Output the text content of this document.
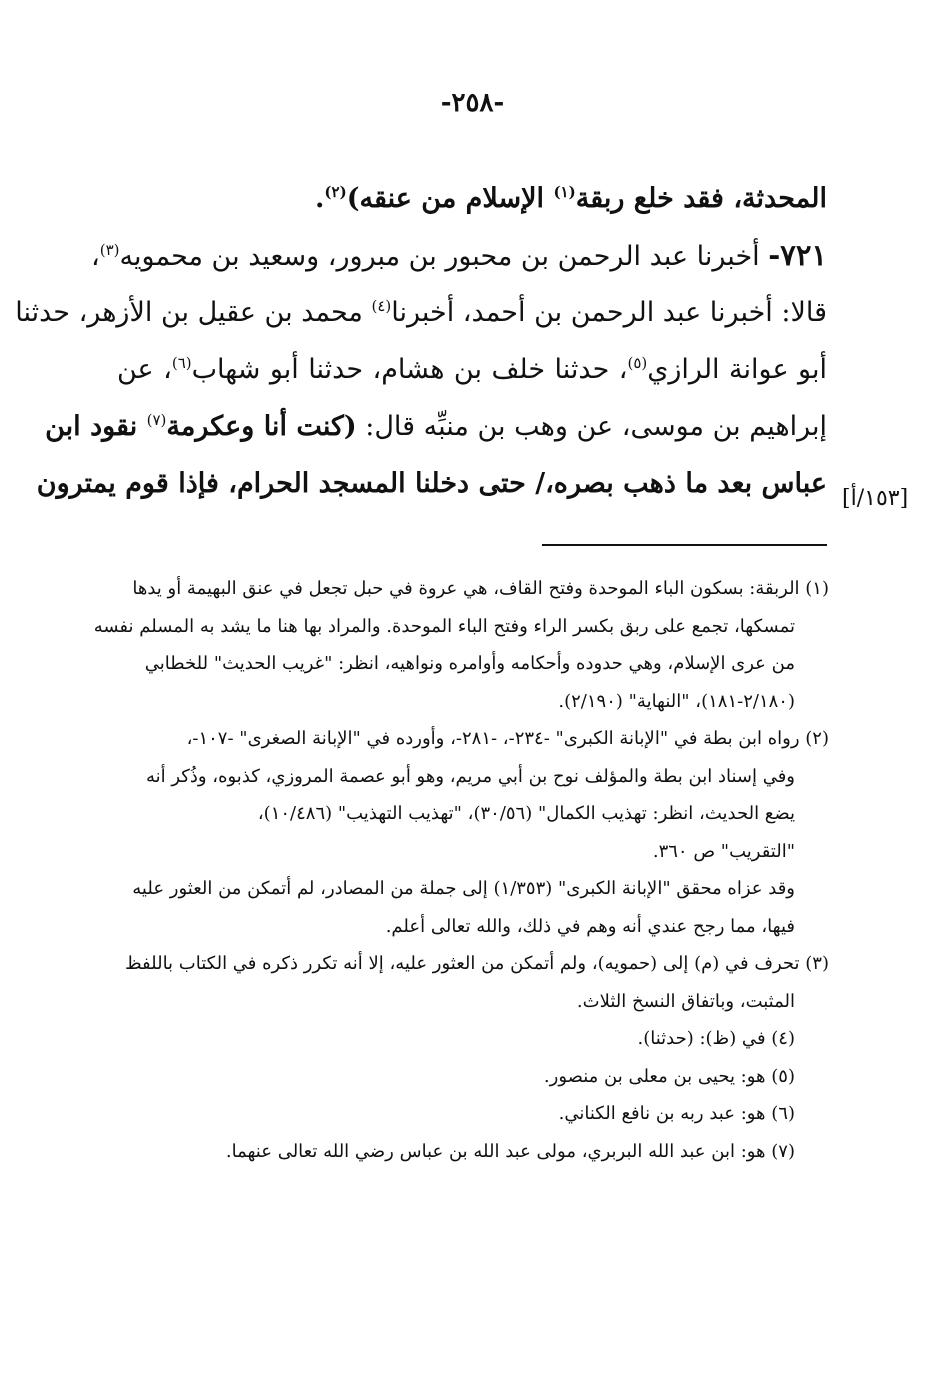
-٢٥٨-
المحدثة، فقد خلع ربقة$^{(١)}$ الإسلام من عنقه)$^{(٢)}$.
٧٢١- أخبرنا عبد الرحمن بن محبور بن مبرور، وسعيد بن محمويه$^{(٣)}$،
قالا: أخبرنا عبد الرحمن بن أحمد، أخبرنا$^{(٤)}$ محمد بن عقيل بن الأزهر، حدثنا
أبو عوانة الرازي$^{(٥)}$، حدثنا خلف بن هشام، حدثنا أبو شهاب$^{(٦)}$، عن
إبراهيم بن موسى، عن وهب بن منبِّه قال: (كنت أنا وعكرمة$^{(٧)}$ نقود ابن
عباس بعد ما ذهب بصره،/ حتى دخلنا المسجد الحرام، فإذا قوم يمترون [١٥٣/أ]
(١) الربقة: بسكون الباء الموحدة وفتح القاف، هي عروة في حبل تجعل في عنق البهيمة أو يدها
تمسكها، تجمع على ربق بكسر الراء وفتح الباء الموحدة. والمراد بها هنا ما يشد به المسلم نفسه
من عرى الإسلام، وهي حدوده وأحكامه وأوامره ونواهيه، انظر: "غريب الحديث" للخطابي
(٢/١٨٠-١٨١)، "النهاية" (٢/١٩٠).
(٢) رواه ابن بطة في "الإبانة الكبرى" -٢٣٤-، -٢٨١-، وأورده في "الإبانة الصغرى" -١٠٧-،
وفي إسناد ابن بطة والمؤلف نوح بن أبي مريم، وهو أبو عصمة المروزي، كذبوه، وذُكر أنه
يضع الحديث، انظر: تهذيب الكمال" (٣٠/٥٦)، "تهذيب التهذيب" (١٠/٤٨٦)،
"التقريب" ص ٣٦٠.
وقد عزاه محقق "الإبانة الكبرى" (١/٣٥٣) إلى جملة من المصادر، لم أتمكن من العثور عليه
فيها، مما رجح عندي أنه وهم في ذلك، والله تعالى أعلم.
(٣) تحرف في (م) إلى (حمويه)، ولم أتمكن من العثور عليه، إلا أنه تكرر ذكره في الكتاب باللفظ
المثبت، وباتفاق النسخ الثلاث.
(٤) في (ظ): (حدثنا).
(٥) هو: يحيى بن معلى بن منصور.
(٦) هو: عبد ربه بن نافع الكناني.
(٧) هو: ابن عبد الله البربري، مولى عبد الله بن عباس رضي الله تعالى عنهما.
